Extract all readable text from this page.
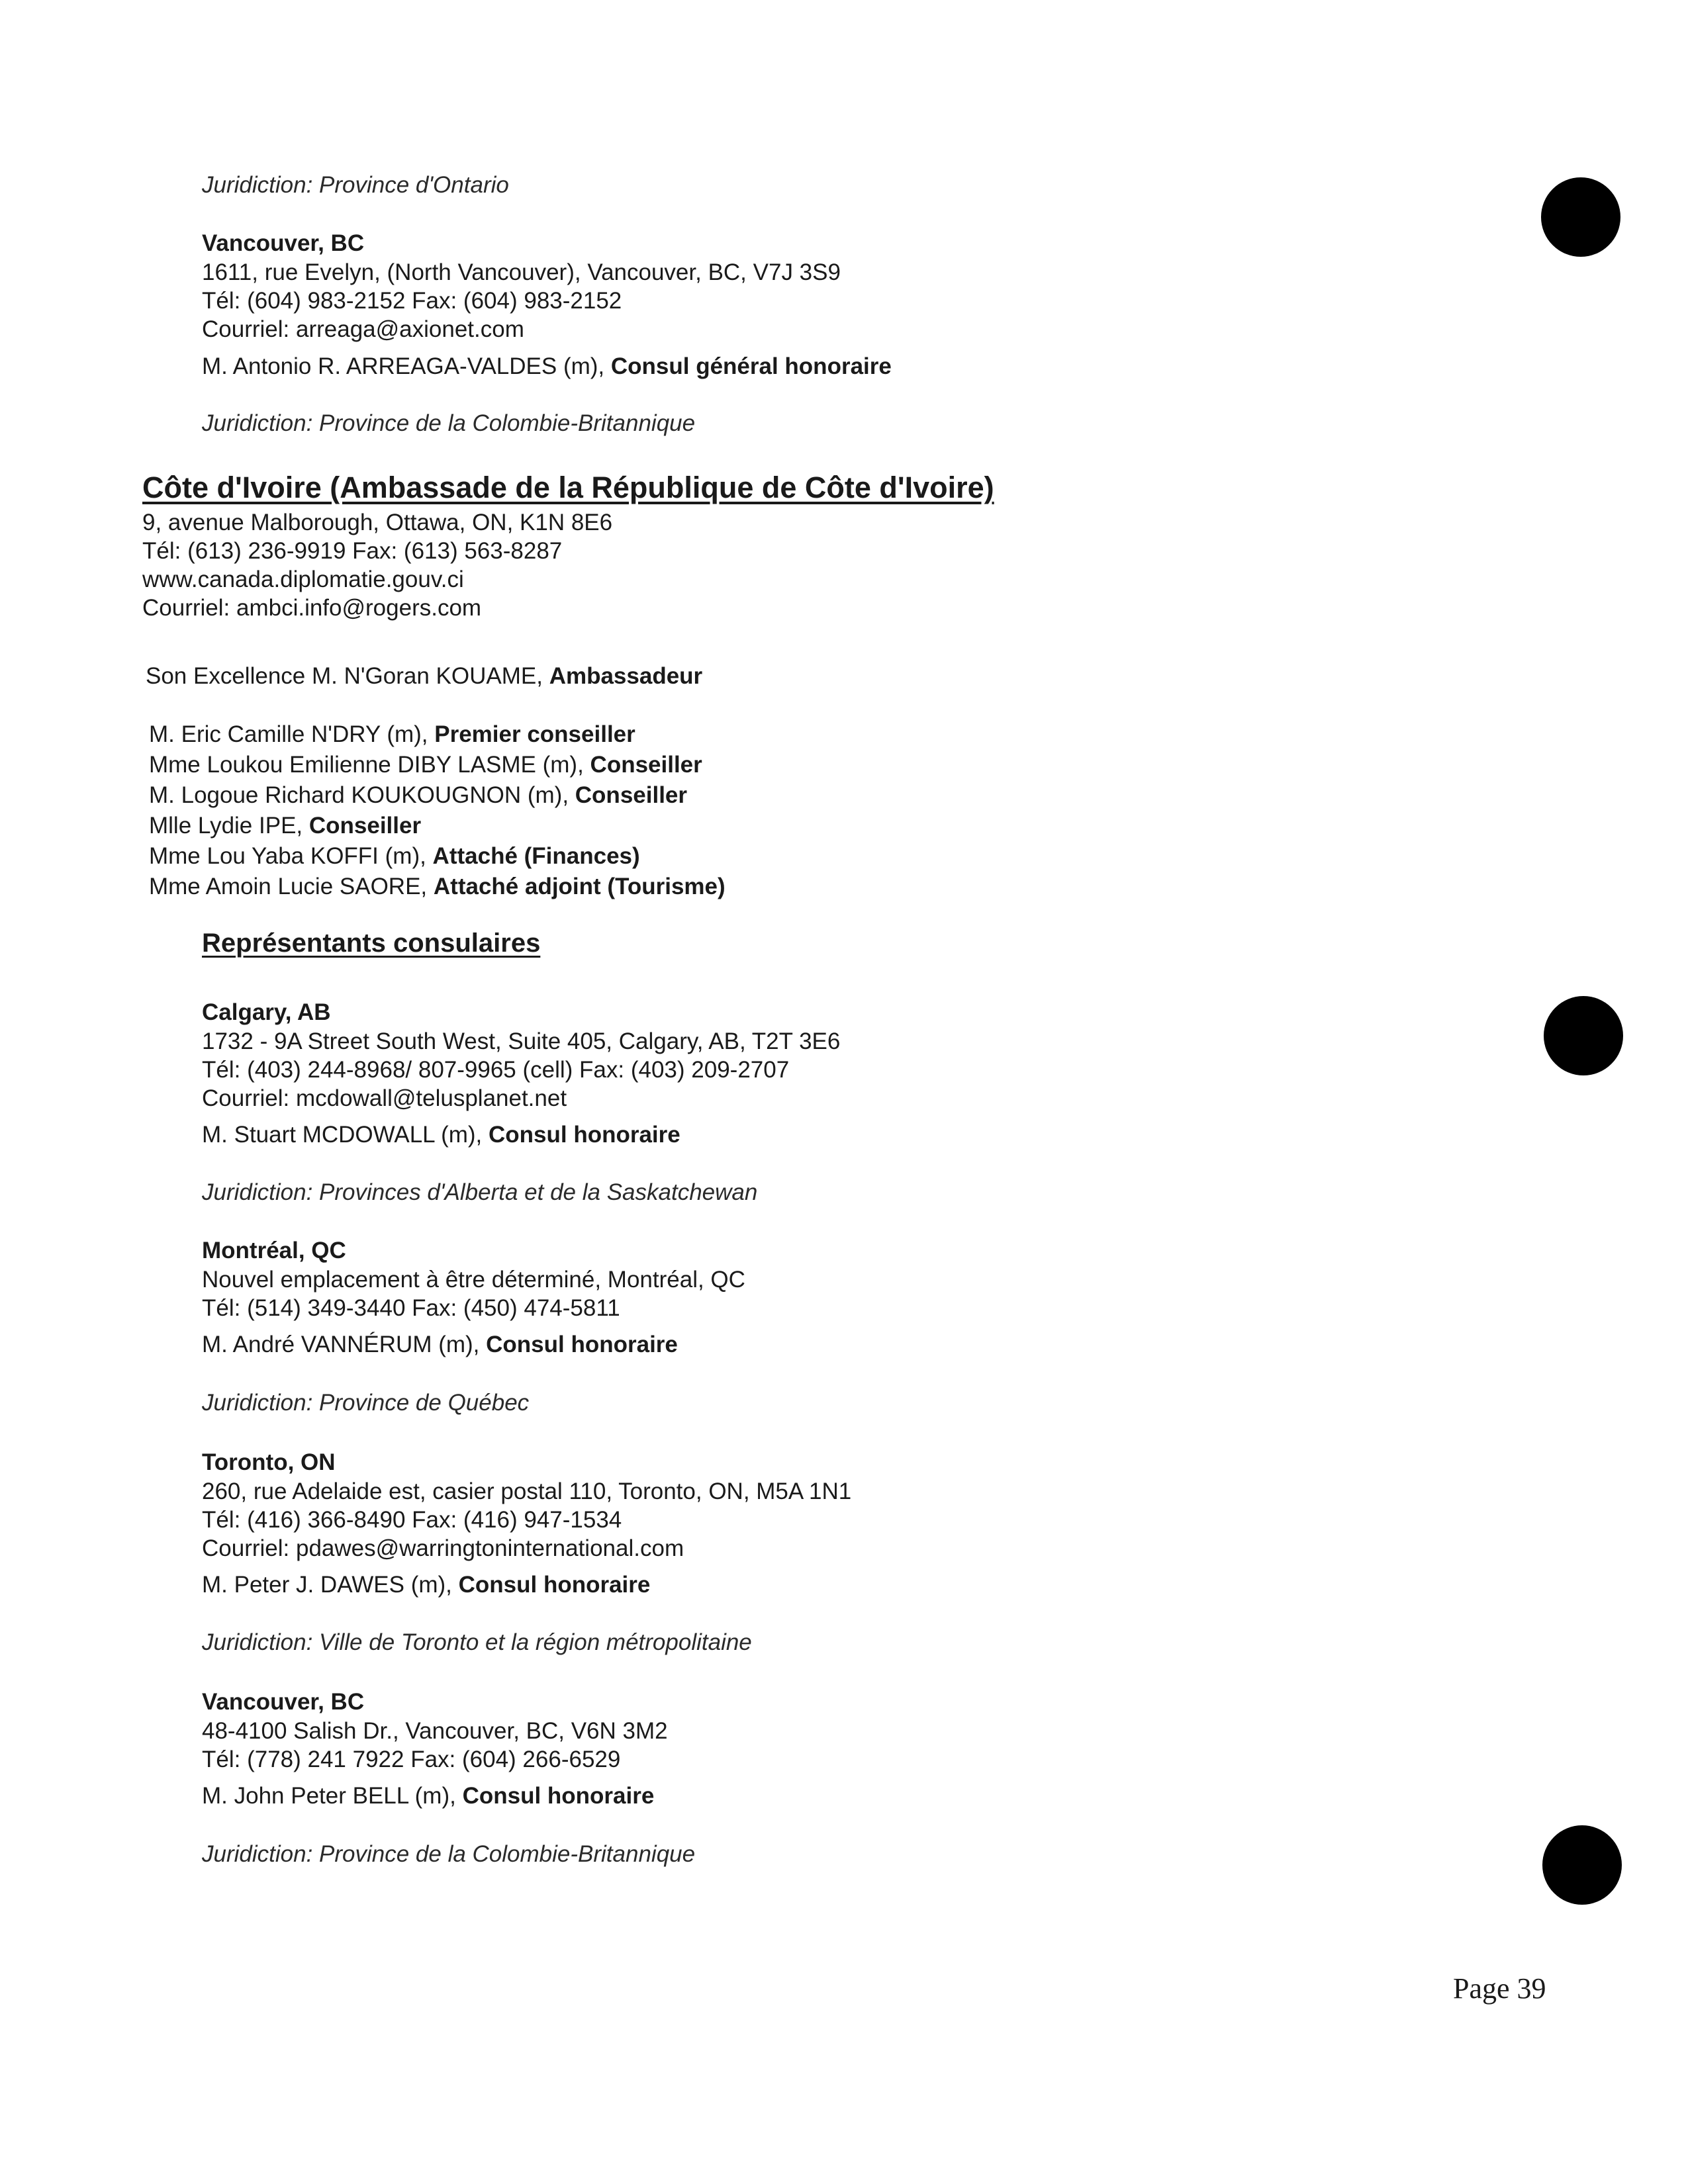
Juridiction: Province d'Ontario
Vancouver, BC
1611, rue Evelyn, (North Vancouver), Vancouver, BC, V7J 3S9
Tél: (604) 983-2152 Fax: (604) 983-2152
Courriel: arreaga@axionet.com
M. Antonio R. ARREAGA-VALDES (m), Consul général honoraire
Juridiction: Province de la Colombie-Britannique
Côte d'Ivoire (Ambassade de la République de Côte d'Ivoire)
9, avenue Malborough, Ottawa, ON, K1N 8E6
Tél: (613) 236-9919 Fax: (613) 563-8287
www.canada.diplomatie.gouv.ci
Courriel: ambci.info@rogers.com
Son Excellence M. N'Goran KOUAME, Ambassadeur
M. Eric Camille N'DRY (m), Premier conseiller
Mme Loukou Emilienne DIBY LASME (m), Conseiller
M. Logoue Richard KOUKOUGNON (m), Conseiller
Mlle Lydie IPE, Conseiller
Mme Lou Yaba KOFFI (m), Attaché (Finances)
Mme Amoin Lucie SAORE, Attaché adjoint (Tourisme)
Représentants consulaires
Calgary, AB
1732 - 9A Street South West, Suite 405, Calgary, AB, T2T 3E6
Tél: (403) 244-8968/ 807-9965 (cell) Fax: (403) 209-2707
Courriel: mcdowall@telusplanet.net
M. Stuart MCDOWALL (m), Consul honoraire
Juridiction: Provinces d'Alberta et de la Saskatchewan
Montréal, QC
Nouvel emplacement à être déterminé, Montréal, QC
Tél: (514) 349-3440 Fax: (450) 474-5811
M. André VANNÉRUM (m), Consul honoraire
Juridiction: Province de Québec
Toronto, ON
260, rue Adelaide est, casier postal 110, Toronto, ON, M5A 1N1
Tél: (416) 366-8490 Fax: (416) 947-1534
Courriel: pdawes@warringtoninternational.com
M. Peter J. DAWES (m), Consul honoraire
Juridiction: Ville de Toronto et la région métropolitaine
Vancouver, BC
48-4100 Salish Dr., Vancouver, BC, V6N 3M2
Tél: (778) 241 7922 Fax: (604) 266-6529
M. John Peter BELL (m), Consul honoraire
Juridiction: Province de la Colombie-Britannique
Page 39
